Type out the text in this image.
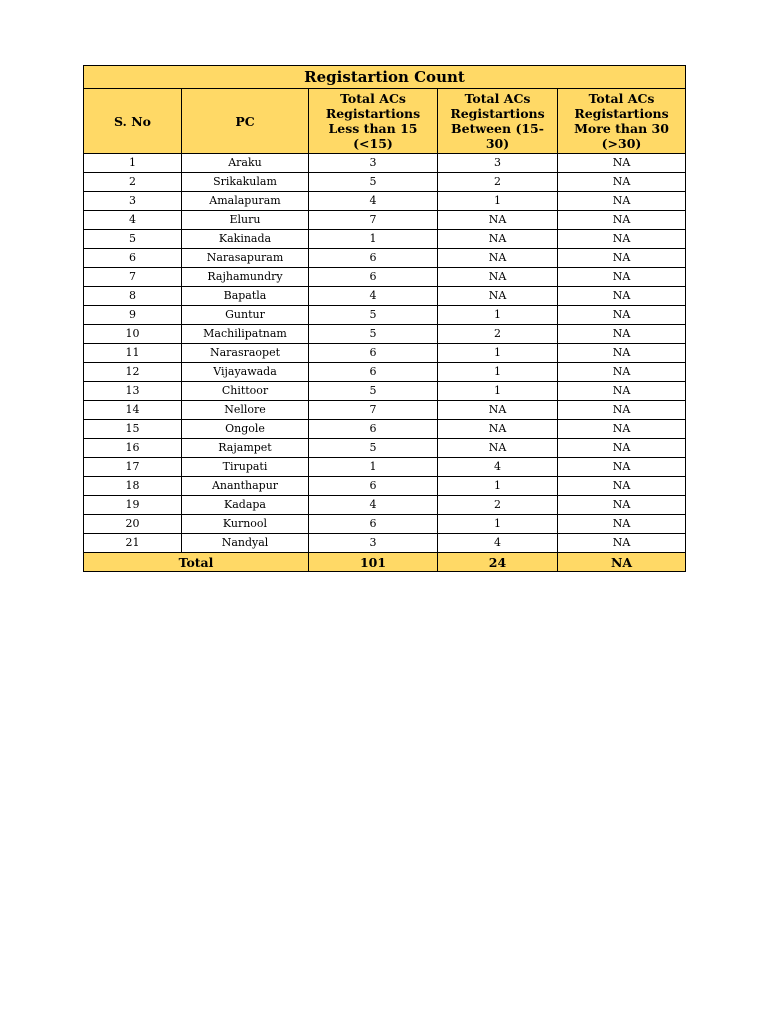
Registartion Count				
S. No	PC	Total ACs Registartions Less than 15 (<15)	Total ACs Registartions Between (15- 30)	Total ACs Registartions More than 30 (>30)
1	Araku	3	3	NA
2	Srikakulam	5	2	NA
3	Amalapuram	4	1	NA
4	Eluru	7	NA	NA
5	Kakinada	1	NA	NA
6	Narasapuram	6	NA	NA
7	Rajhamundry	6	NA	NA
8	Bapatla	4	NA	NA
9	Guntur	5	1	NA
10	Machilipatnam	5	2	NA
11	Narasraopet	6	1	NA
12	Vijayawada	6	1	NA
13	Chittoor	5	1	NA
14	Nellore	7	NA	NA
15	Ongole	6	NA	NA
16	Rajampet	5	NA	NA
17	Tirupati	1	4	NA
18	Ananthapur	6	1	NA
19	Kadapa	4	2	NA
20	Kurnool	6	1	NA
21	Nandyal	3	4	NA
Total		101	24	NA
